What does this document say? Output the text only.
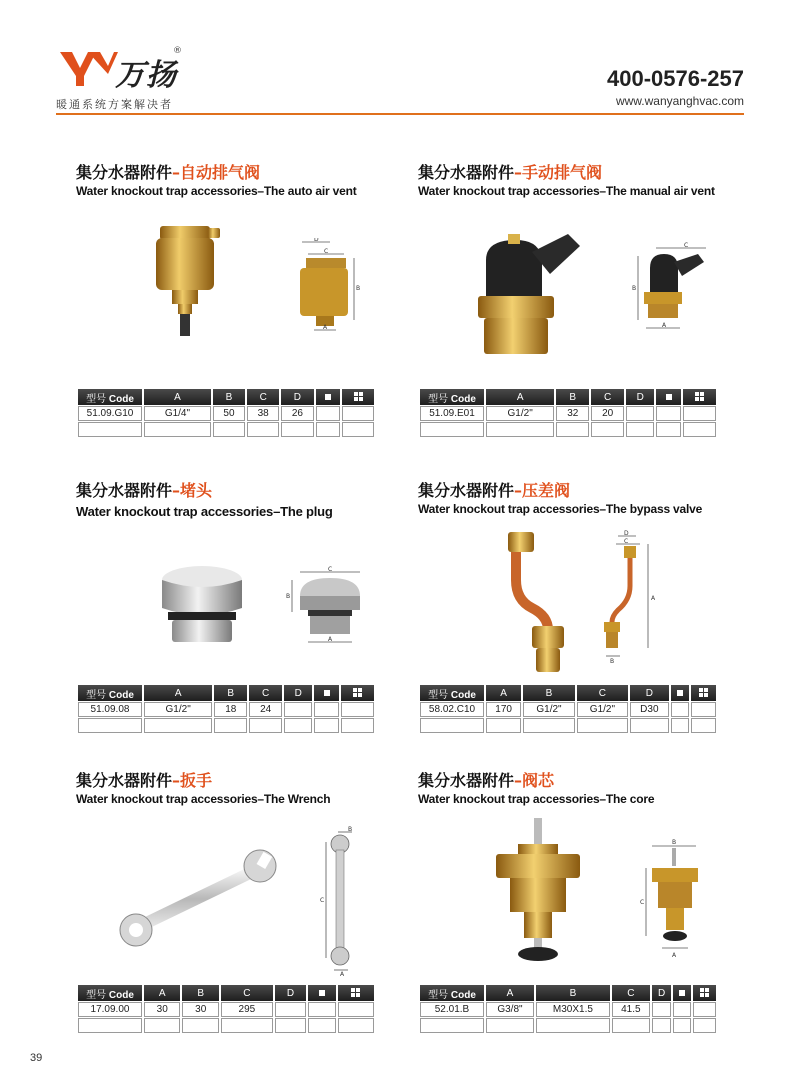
万扬
®
暖通系统方案解决者
400-0576-257
www.wanyanghvac.com
集分水器附件–自动排气阀
Water knockout trap accessories–The auto air vent
D
C
B
A
型号 Code	A	B	C	D		
51.09.G10	G1/4"	50	38	26		

集分水器附件–手动排气阀
Water knockout trap accessories–The manual air vent
C
B
A
型号 Code	A	B	C	D		
51.09.E01	G1/2"	32	20			

集分水器附件–堵头
Water knockout trap accessories–The plug
C
B
A
型号 Code	A	B	C	D		
51.09.08	G1/2"	18	24			

集分水器附件–压差阀
Water knockout trap accessories–The bypass valve
D
C
A
B
型号 Code	A	B	C	D		
58.02.C10	170	G1/2"	G1/2"	D30		

集分水器附件–扳手
Water knockout trap accessories–The Wrench
B
C
A
型号 Code	A	B	C	D		
17.09.00	30	30	295			

集分水器附件–阀芯
Water knockout trap accessories–The core
B
C
A
型号 Code	A	B	C	D		
52.01.B	G3/8"	M30X1.5	41.5			

39
